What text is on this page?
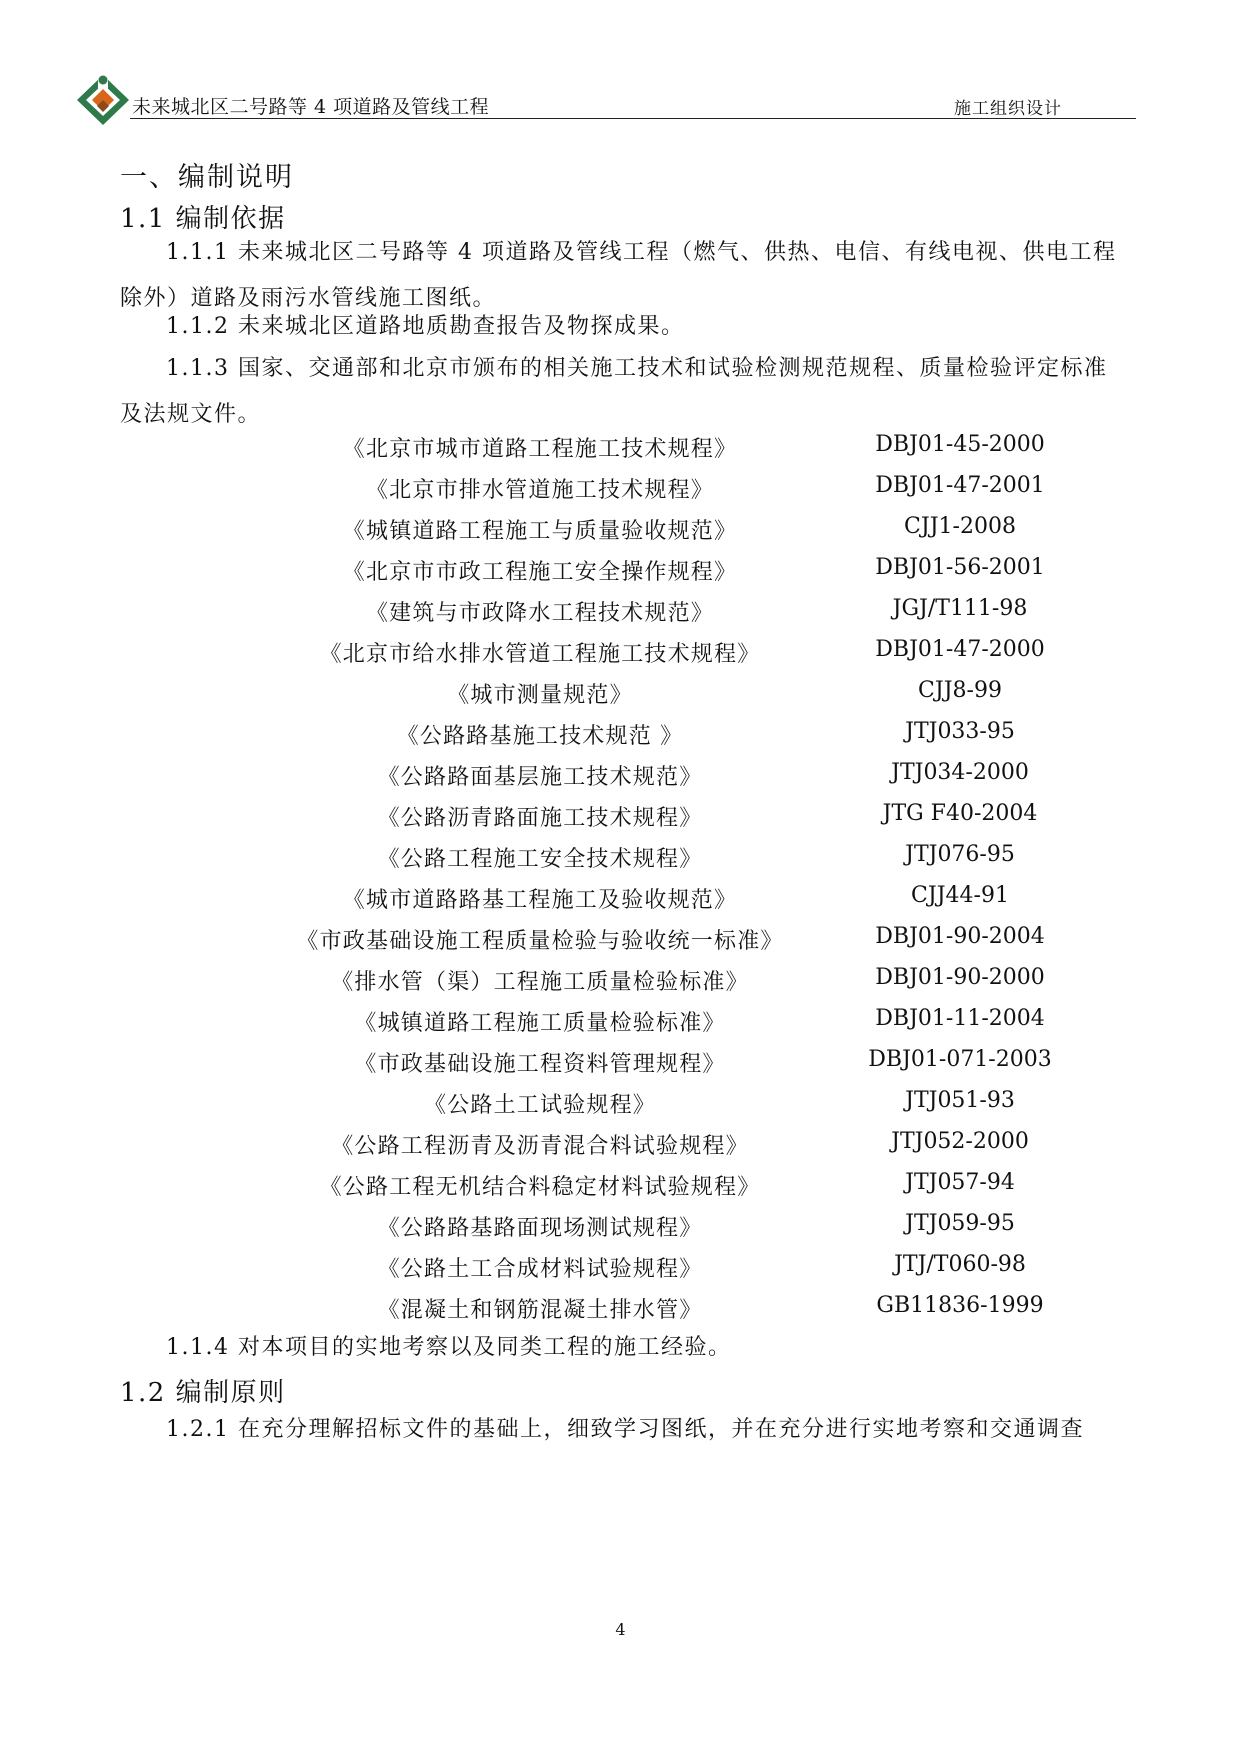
未来城北区二号路等 4 项道路及管线工程	施工组织设计
一、编制说明
1.1 编制依据
1.1.1 未来城北区二号路等 4 项道路及管线工程（燃气、供热、电信、有线电视、供电工程除外）道路及雨污水管线施工图纸。
1.1.2 未来城北区道路地质勘查报告及物探成果。
1.1.3 国家、交通部和北京市颁布的相关施工技术和试验检测规范规程、质量检验评定标准及法规文件。
《北京市城市道路工程施工技术规程》	DBJ01-45-2000
《北京市排水管道施工技术规程》	DBJ01-47-2001
《城镇道路工程施工与质量验收规范》	CJJ1-2008
《北京市市政工程施工安全操作规程》	DBJ01-56-2001
《建筑与市政降水工程技术规范》	JGJ/T111-98
《北京市给水排水管道工程施工技术规程》	DBJ01-47-2000
《城市测量规范》	CJJ8-99
《公路路基施工技术规范 》	JTJ033-95
《公路路面基层施工技术规范》	JTJ034-2000
《公路沥青路面施工技术规程》	JTG F40-2004
《公路工程施工安全技术规程》	JTJ076-95
《城市道路路基工程施工及验收规范》	CJJ44-91
《市政基础设施工程质量检验与验收统一标准》	DBJ01-90-2004
《排水管（渠）工程施工质量检验标准》	DBJ01-90-2000
《城镇道路工程施工质量检验标准》	DBJ01-11-2004
《市政基础设施工程资料管理规程》	DBJ01-071-2003
《公路土工试验规程》	JTJ051-93
《公路工程沥青及沥青混合料试验规程》	JTJ052-2000
《公路工程无机结合料稳定材料试验规程》	JTJ057-94
《公路路基路面现场测试规程》	JTJ059-95
《公路土工合成材料试验规程》	JTJ/T060-98
《混凝土和钢筋混凝土排水管》	GB11836-1999
1.1.4 对本项目的实地考察以及同类工程的施工经验。
1.2 编制原则
1.2.1 在充分理解招标文件的基础上，细致学习图纸，并在充分进行实地考察和交通调查
4
